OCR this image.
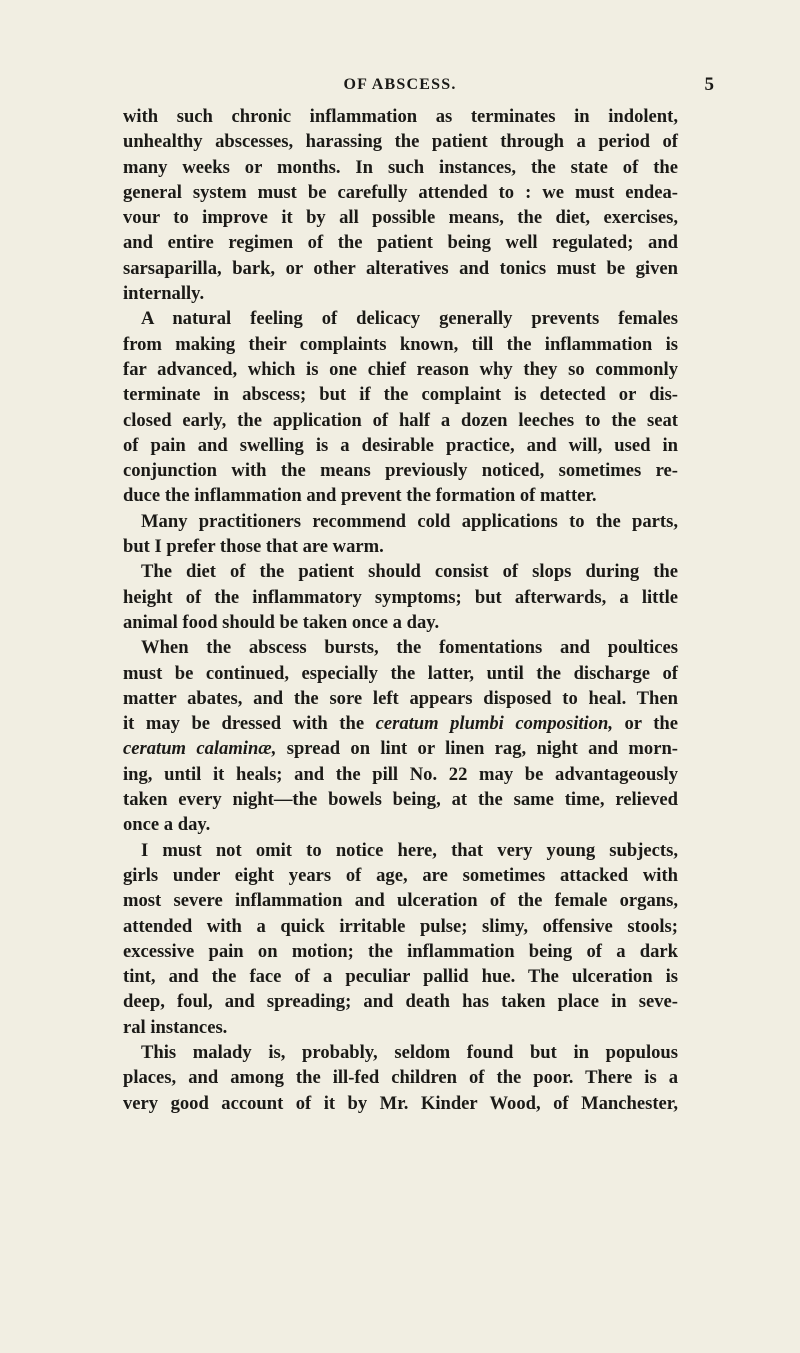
OF ABSCESS.	5
with such chronic inflammation as terminates in indolent,
unhealthy abscesses, harassing the patient through a period of
many weeks or months. In such instances, the state of the
general system must be carefully attended to : we must endea-
vour to improve it by all possible means, the diet, exercises,
and entire regimen of the patient being well regulated; and
sarsaparilla, bark, or other alteratives and tonics must be given
internally.
A natural feeling of delicacy generally prevents females
from making their complaints known, till the inflammation is
far advanced, which is one chief reason why they so commonly
terminate in abscess; but if the complaint is detected or dis-
closed early, the application of half a dozen leeches to the seat
of pain and swelling is a desirable practice, and will, used in
conjunction with the means previously noticed, sometimes re-
duce the inflammation and prevent the formation of matter.
Many practitioners recommend cold applications to the parts,
but I prefer those that are warm.
The diet of the patient should consist of slops during the
height of the inflammatory symptoms; but afterwards, a little
animal food should be taken once a day.
When the abscess bursts, the fomentations and poultices
must be continued, especially the latter, until the discharge of
matter abates, and the sore left appears disposed to heal. Then
it may be dressed with the ceratum plumbi composition, or the
ceratum calaminæ, spread on lint or linen rag, night and morn-
ing, until it heals; and the pill No. 22 may be advantageously
taken every night—the bowels being, at the same time, relieved
once a day.
I must not omit to notice here, that very young subjects,
girls under eight years of age, are sometimes attacked with
most severe inflammation and ulceration of the female organs,
attended with a quick irritable pulse; slimy, offensive stools;
excessive pain on motion; the inflammation being of a dark
tint, and the face of a peculiar pallid hue. The ulceration is
deep, foul, and spreading; and death has taken place in seve-
ral instances.
This malady is, probably, seldom found but in populous
places, and among the ill-fed children of the poor. There is a
very good account of it by Mr. Kinder Wood, of Manchester,
